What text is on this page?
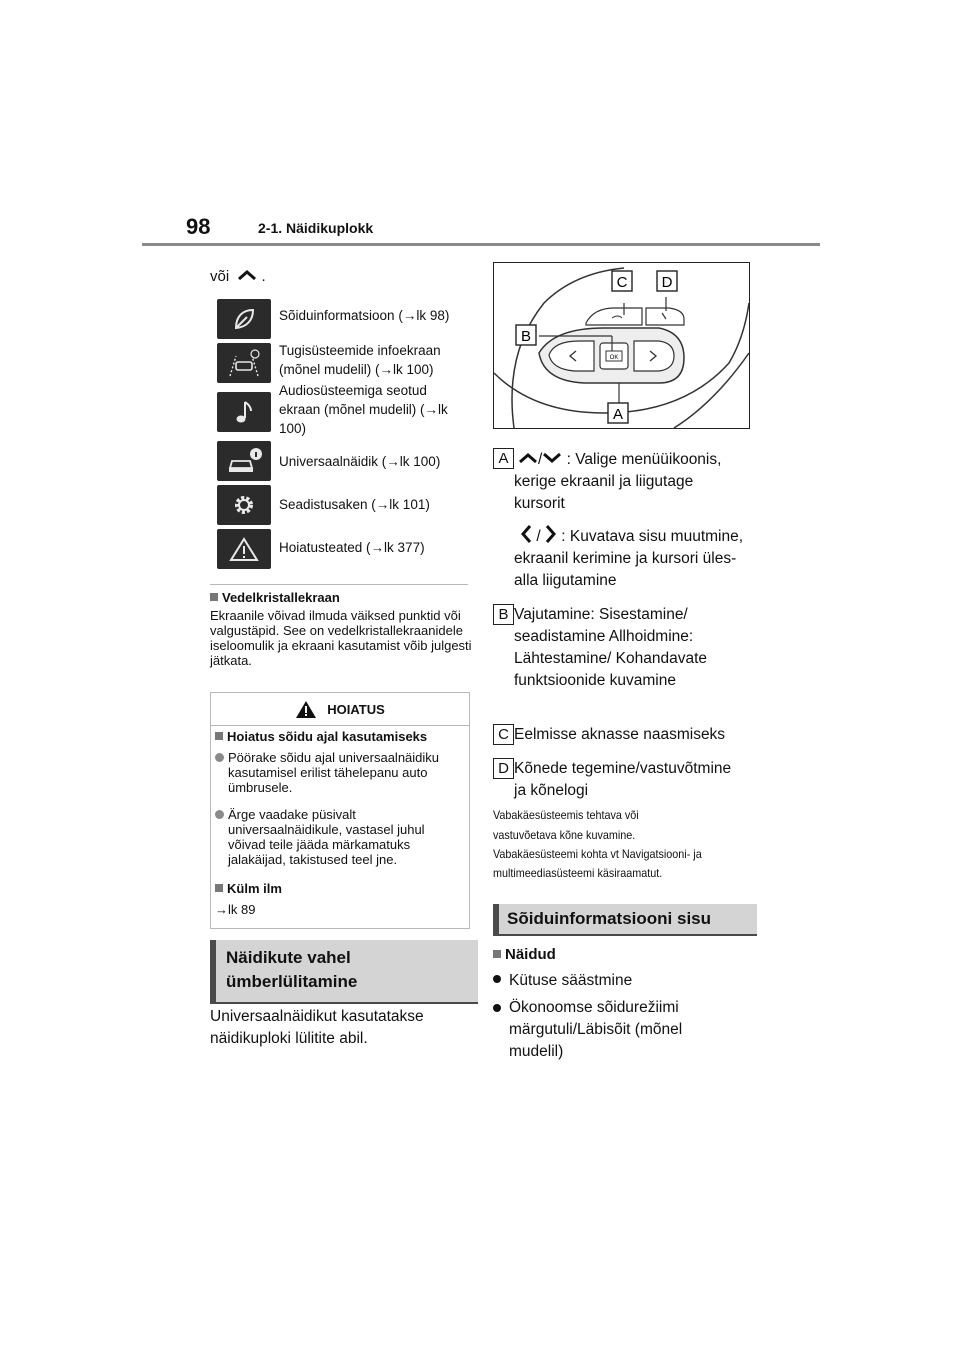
98	2-1. Näidikuplokk
või .
Sõiduinformatsioon (→lk 98)
Tugisüsteemide infoekraan (mõnel mudelil) (→lk 100)
Audiosüsteemiga seotud ekraan (mõnel mudelil) (→lk 100)
Universaalnäidik (→lk 100)
Seadistusaken (→lk 101)
Hoiatusteated (→lk 377)
Vedelkristallekraan
Ekraanile võivad ilmuda väiksed punktid või valgustäpid. See on vedelkristallekraanidele iseloomulik ja ekraani kasutamist võib julgesti jätkata.
HOIATUS
Hoiatus sõidu ajal kasutamiseks
Pöörake sõidu ajal universaalnäidiku kasutamisel erilist tähelepanu auto ümbrusele.
Ärge vaadake püsivalt universaalnäidikule, vastasel juhul võivad teile jääda märkamatuks jalakäijad, takistused teel jne.
Külm ilm
→lk 89
Näidikute vahel
ümberlülitamine
Universaalnäidikut kasutatakse näidikuploki lülitite abil.
OK
C D
B
A
A	/ : Valige menüüikoonis, kerige ekraanil ja liigutage kursorit
/ : Kuvatava sisu muutmine, ekraanil kerimine ja kursori üles-alla liigutamine
B Vajutamine: Sisestamine/ seadistamine Allhoidmine: Lähtestamine/ Kohandavate funktsioonide kuvamine
C Eelmisse aknasse naasmiseks
D Kõnede tegemine/vastuvõtmine ja kõnelogi
Vabakäesüsteemis tehtava või
vastuvõetava kõne kuvamine.
Vabakäesüsteemi kohta vt Navigatsiooni- ja
multimeediasüsteemi käsiraamatut.
Sõiduinformatsiooni sisu
Näidud
Kütuse säästmine
Ökonoomse sõidurežiimi märgutuli/Läbisõit (mõnel mudelil)
